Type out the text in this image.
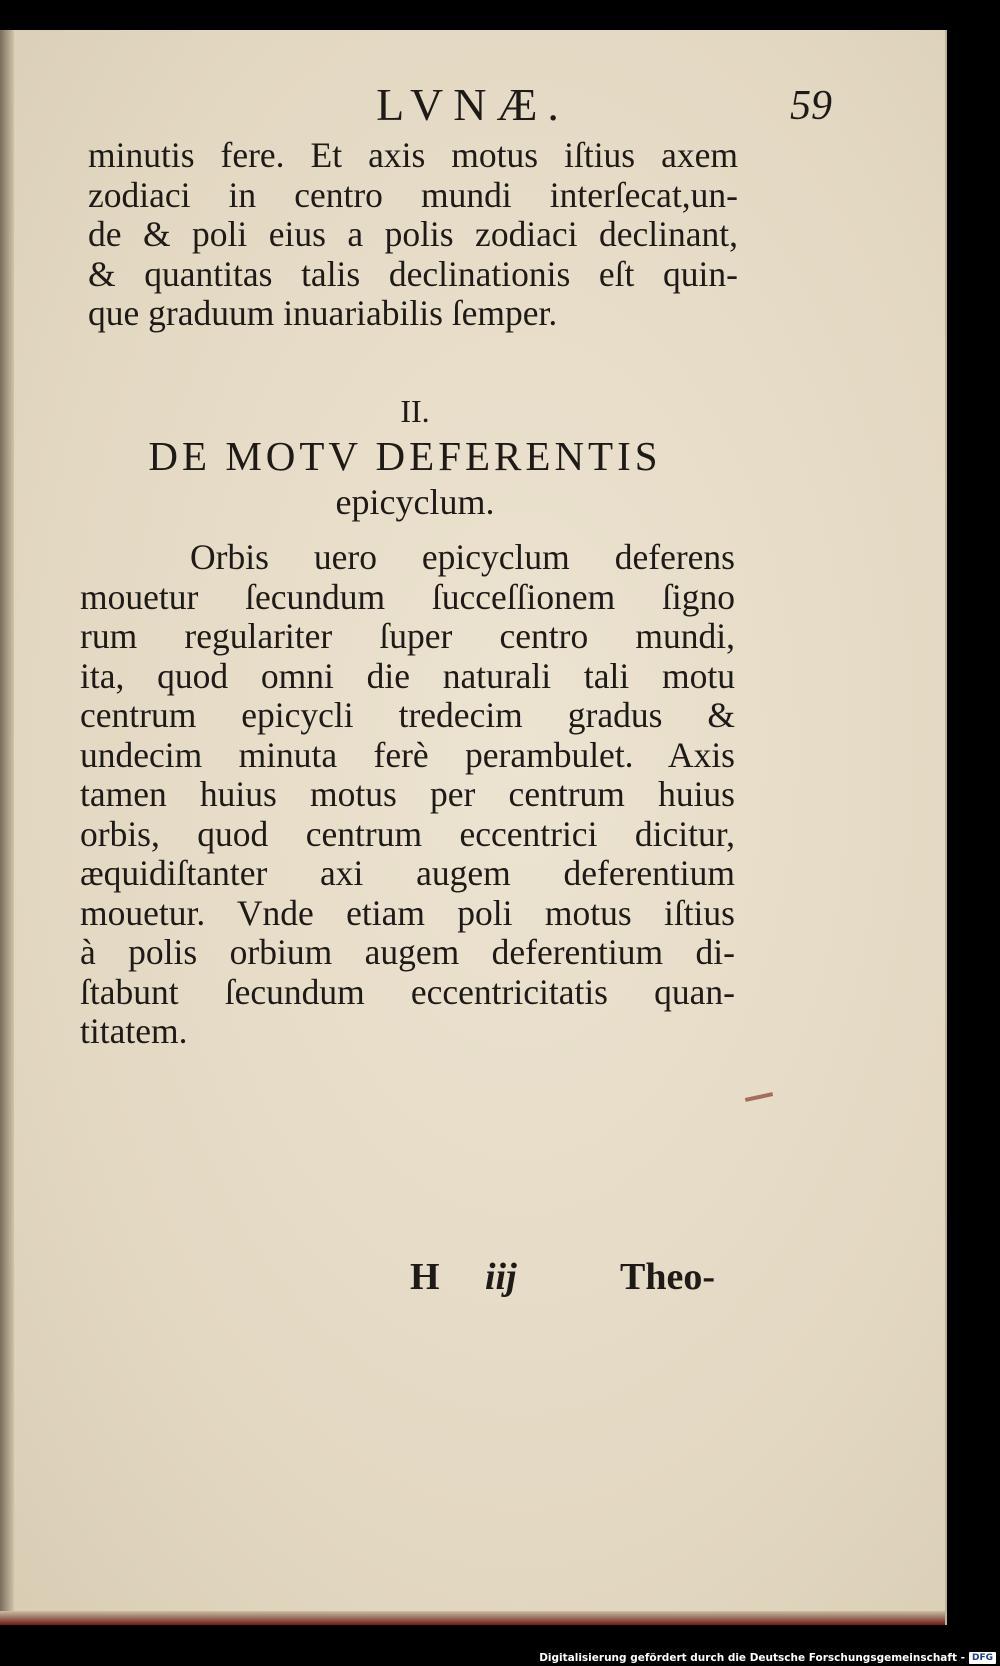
LVNÆ.	59
minutis fere. Et axis motus iſtius axem
zodiaci in centro mundi interſecat,un-
de & poli eius a polis zodiaci declinant,
& quantitas talis declinationis eſt quin-
que graduum inuariabilis ſemper.
II.
DE MOTV DEFERENTIS
epicyclum.
Orbis uero epicyclum deferens
mouetur ſecundum ſucceſſionem ſigno
rum regulariter ſuper centro mundi,
ita, quod omni die naturali tali motu
centrum epicycli tredecim gradus &
undecim minuta ferè perambulet. Axis
tamen huius motus per centrum huius
orbis, quod centrum eccentrici dicitur,
æquidiſtanter axi augem deferentium
mouetur. Vnde etiam poli motus iſtius
à polis orbium augem deferentium di-
ſtabunt ſecundum eccentricitatis quan-
titatem.
H iij	Theo-
Digitalisierung gefördert durch die Deutsche Forschungsgemeinschaft - DFG
